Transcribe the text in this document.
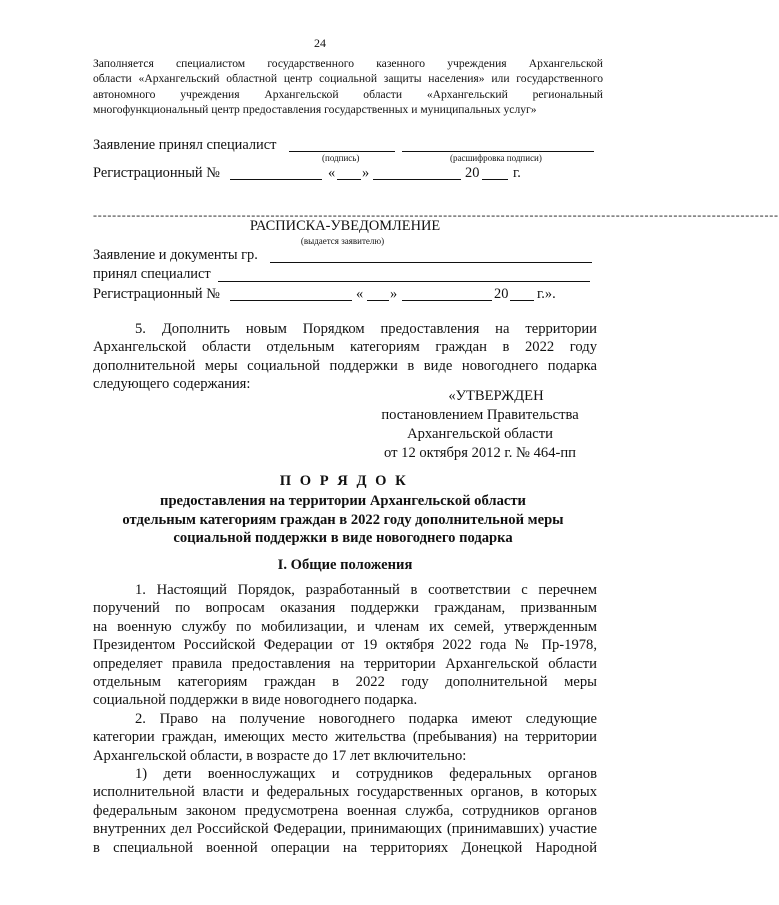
24
Заполняется специалистом государственного казенного учреждения Архангельской
области «Архангельский областной центр социальной защиты населения» или государственного
автономного учреждения Архангельской области «Архангельский региональный
многофункциональный центр предоставления государственных и муниципальных услуг»
Заявление принял специалист
(подпись)	(расшифровка подписи)
Регистрационный №	« »	20 г.
-----------------------------------------------------------------------------------------------------------------------------------------------
РАСПИСКА-УВЕДОМЛЕНИЕ
(выдается заявителю)
Заявление и документы гр.
принял специалист
Регистрационный №	« »	20 г.».
5. Дополнить новым Порядком предоставления на территории
Архангельской области отдельным категориям граждан в 2022 году
дополнительной меры социальной поддержки в виде новогоднего подарка
следующего содержания:
«УТВЕРЖДЕН
постановлением Правительства
Архангельской области
от 12 октября 2012 г. № 464-пп
П О Р Я Д О К
предоставления на территории Архангельской области
отдельным категориям граждан в 2022 году дополнительной меры
социальной поддержки в виде новогоднего подарка
I. Общие положения
1. Настоящий Порядок, разработанный в соответствии с перечнем
поручений по вопросам оказания поддержки гражданам, призванным
на военную службу по мобилизации, и членам их семей, утвержденным
Президентом Российской Федерации от 19 октября 2022 года № Пр-1978,
определяет правила предоставления на территории Архангельской области
отдельным категориям граждан в 2022 году дополнительной меры
социальной поддержки в виде новогоднего подарка.
2. Право на получение новогоднего подарка имеют следующие
категории граждан, имеющих место жительства (пребывания) на территории
Архангельской области, в возрасте до 17 лет включительно:
1) дети военнослужащих и сотрудников федеральных органов
исполнительной власти и федеральных государственных органов, в которых
федеральным законом предусмотрена военная служба, сотрудников органов
внутренних дел Российской Федерации, принимающих (принимавших) участие
в специальной военной операции на территориях Донецкой Народной
